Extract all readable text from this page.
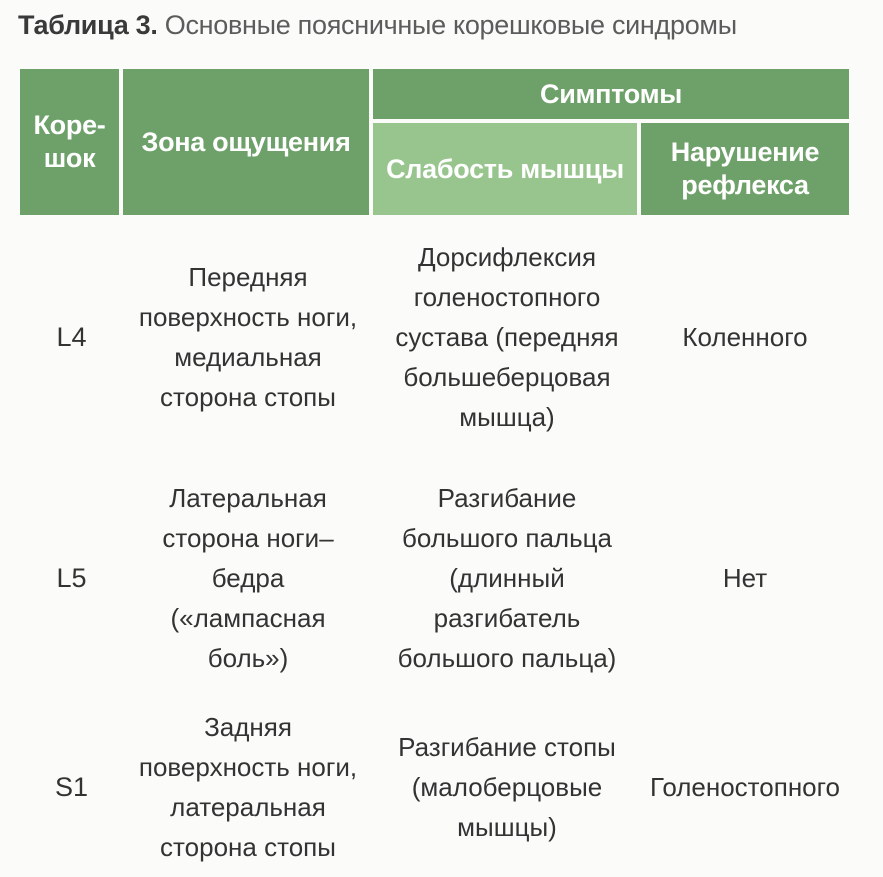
Таблица 3. Основные поясничные корешковые синдромы
Коре-шок	Зона ощущения	Симптомы	
		Слабость мышцы	Нарушение рефлекса
L4	Передняя поверхность ноги, медиальная сторона стопы	Дорсифлексия голеностопного сустава (передняя большеберцовая мышца)	Коленного
L5	Латеральная сторона ноги–бедра («лампасная боль»)	Разгибание большого пальца (длинный разгибатель большого пальца)	Нет
S1	Задняя поверхность ноги, латеральная сторона стопы	Разгибание стопы (малоберцовые мышцы)	Голеностопного
